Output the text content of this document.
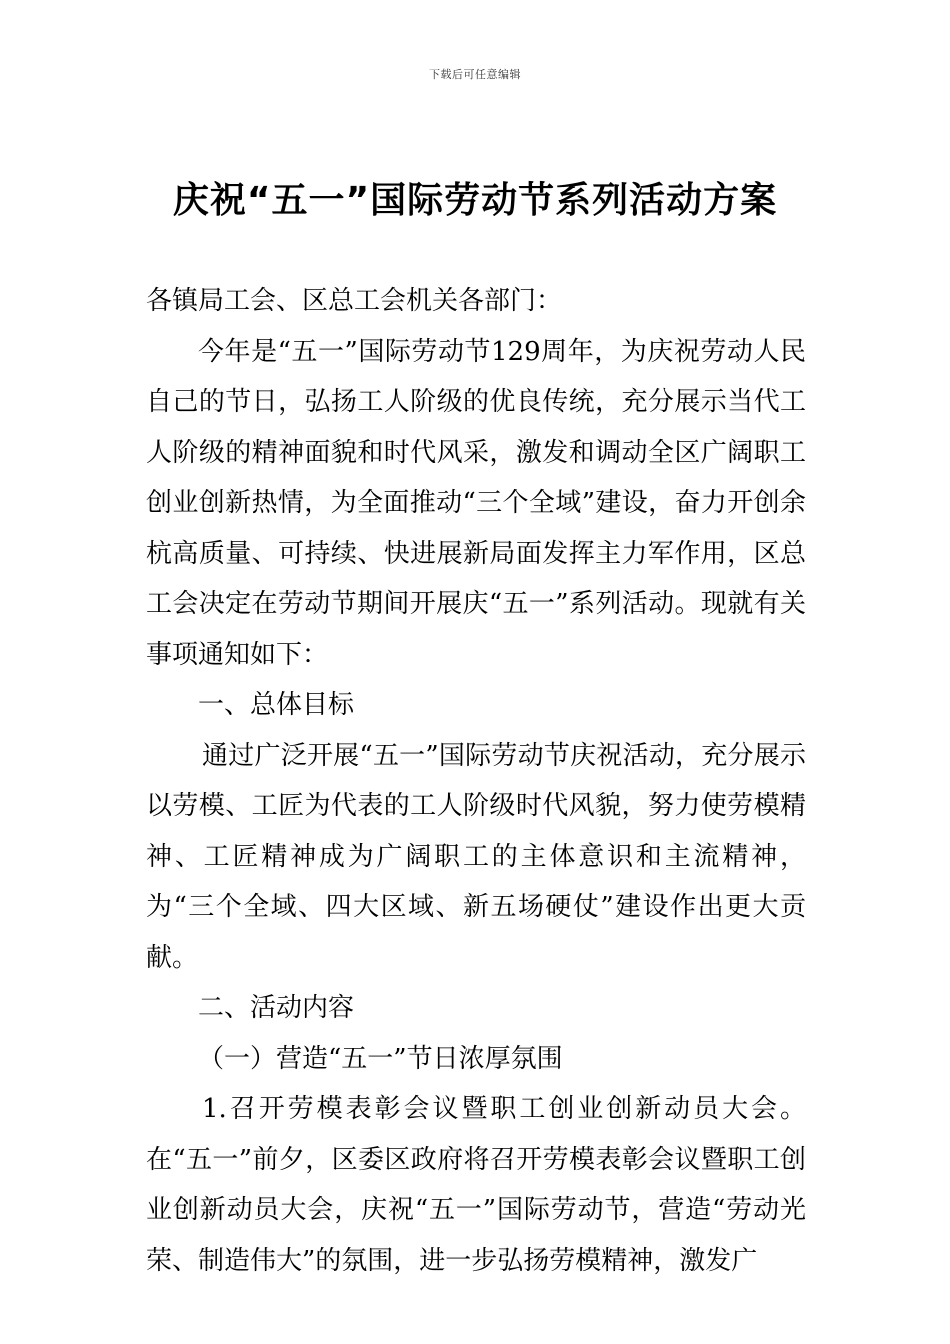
下载后可任意编辑
庆祝“五一”国际劳动节系列活动方案

各镇局工会、区总工会机关各部门：

今年是“五一”国际劳动节129周年，为庆祝劳动人民自己的节日，弘扬工人阶级的优良传统，充分展示当代工人阶级的精神面貌和时代风采，激发和调动全区广阔职工创业创新热情，为全面推动“三个全域”建设，奋力开创余杭高质量、可持续、快进展新局面发挥主力军作用，区总工会决定在劳动节期间开展庆“五一”系列活动。现就有关事项通知如下：

一、总体目标

通过广泛开展“五一”国际劳动节庆祝活动，充分展示以劳模、工匠为代表的工人阶级时代风貌，努力使劳模精神、工匠精神成为广阔职工的主体意识和主流精神，为“三个全域、四大区域、新五场硬仗”建设作出更大贡献。

二、活动内容

（一）营造“五一”节日浓厚氛围

1.召开劳模表彰会议暨职工创业创新动员大会。在“五一”前夕，区委区政府将召开劳模表彰会议暨职工创业创新动员大会，庆祝“五一”国际劳动节，营造“劳动光荣、制造伟大”的氛围，进一步弘扬劳模精神，激发广
